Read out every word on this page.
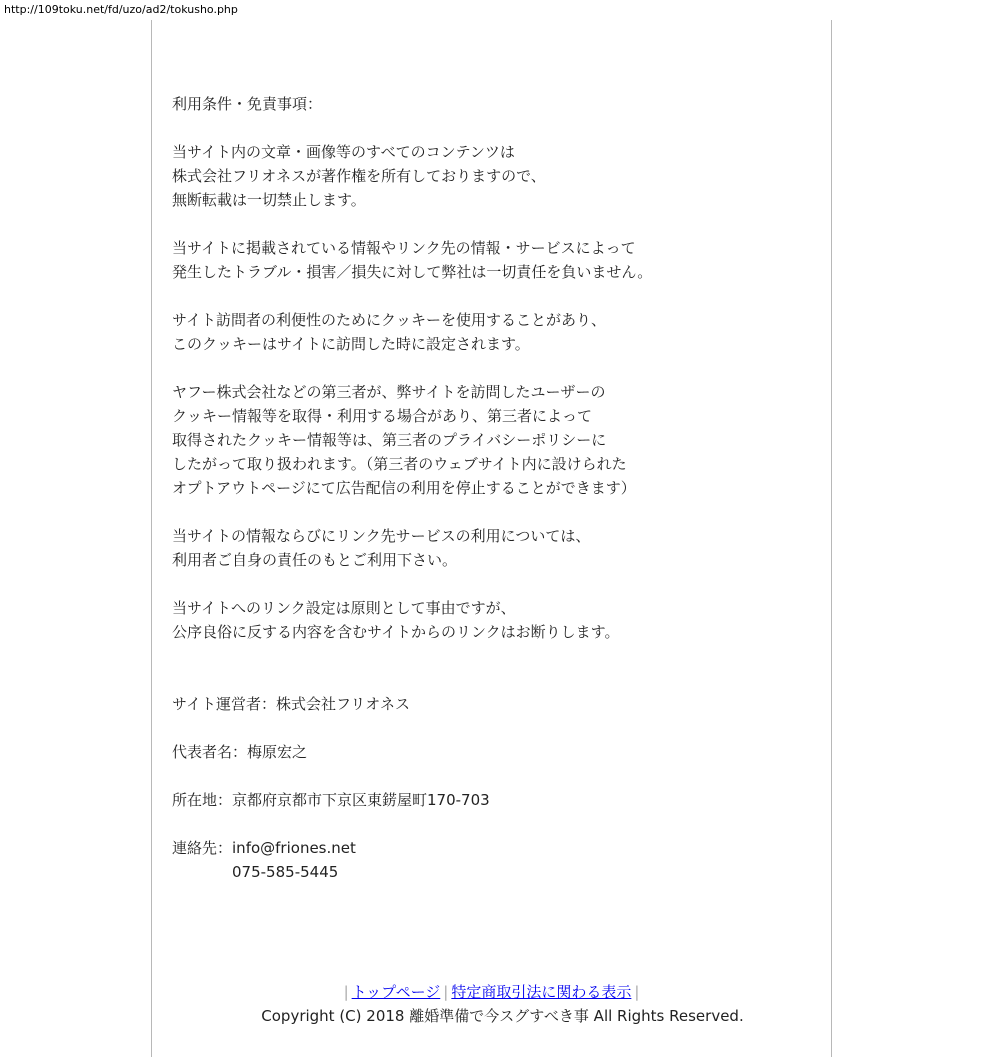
http://109toku.net/fd/uzo/ad2/tokusho.php
利用条件・免責事項：
当サイト内の文章・画像等のすべてのコンテンツは
株式会社フリオネスが著作権を所有しておりますので、
無断転載は一切禁止します。
当サイトに掲載されている情報やリンク先の情報・サービスによって
発生したトラブル・損害／損失に対して弊社は一切責任を負いません。
サイト訪問者の利便性のためにクッキーを使用することがあり、
このクッキーはサイトに訪問した時に設定されます。
ヤフー株式会社などの第三者が、弊サイトを訪問したユーザーの
クッキー情報等を取得・利用する場合があり、第三者によって
取得されたクッキー情報等は、第三者のプライバシーポリシーに
したがって取り扱われます。（第三者のウェブサイト内に設けられた
オプトアウトページにて広告配信の利用を停止することができます）
当サイトの情報ならびにリンク先サービスの利用については、
利用者ご自身の責任のもとご利用下さい。
当サイトへのリンク設定は原則として事由ですが、
公序良俗に反する内容を含むサイトからのリンクはお断りします。
サイト運営者：株式会社フリオネス
代表者名：梅原宏之
所在地：京都府京都市下京区東錺屋町170-703
連絡先： info@friones.net
075-585-5445
| トップページ | 特定商取引法に関わる表示 |
Copyright (C) 2018 離婚準備で今スグすべき事 All Rights Reserved.
